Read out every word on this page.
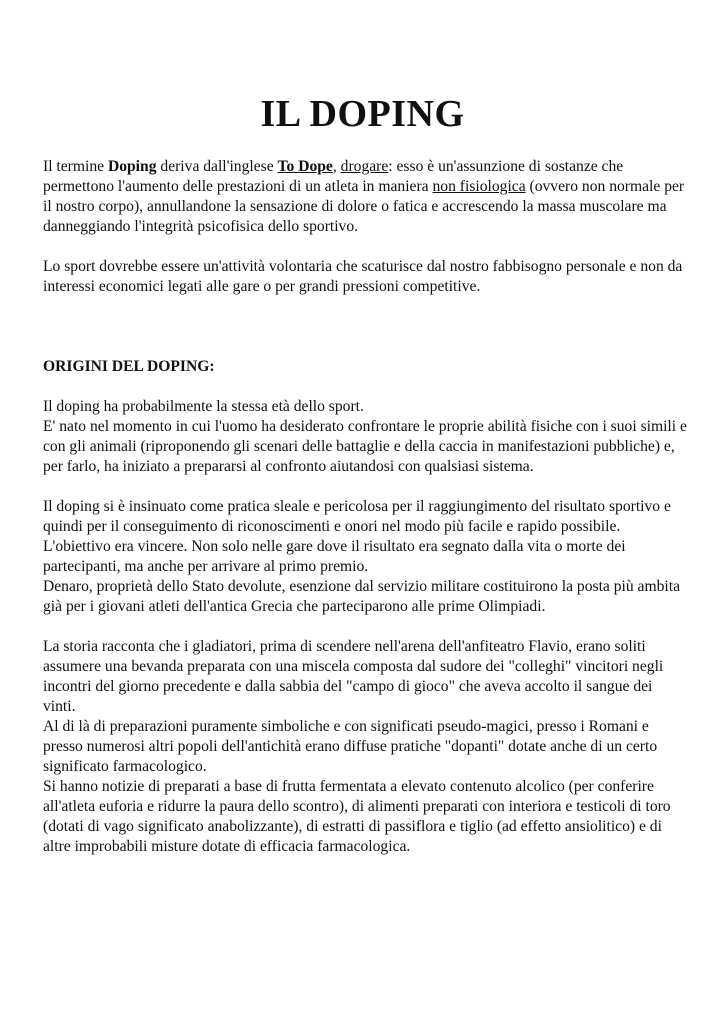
IL DOPING

Il termine Doping deriva dall'inglese To Dope, drogare: esso è un'assunzione di sostanze che permettono l'aumento delle prestazioni di un atleta in maniera non fisiologica (ovvero non normale per il nostro corpo), annullandone la sensazione di dolore o fatica e accrescendo la massa muscolare ma danneggiando l'integrità psicofisica dello sportivo.

Lo sport dovrebbe essere un'attività volontaria che scaturisce dal nostro fabbisogno personale e non da interessi economici legati alle gare o per grandi pressioni competitive.

ORIGINI DEL DOPING:

Il doping ha probabilmente la stessa età dello sport.
E' nato nel momento in cui l'uomo ha desiderato confrontare le proprie abilità fisiche con i suoi simili e con gli animali (riproponendo gli scenari delle battaglie e della caccia in manifestazioni pubbliche) e, per farlo, ha iniziato a prepararsi al confronto aiutandosi con qualsiasi sistema.

Il doping si è insinuato come pratica sleale e pericolosa per il raggiungimento del risultato sportivo e quindi per il conseguimento di riconoscimenti e onori nel modo più facile e rapido possibile.
L'obiettivo era vincere. Non solo nelle gare dove il risultato era segnato dalla vita o morte dei partecipanti, ma anche per arrivare al primo premio.
Denaro, proprietà dello Stato devolute, esenzione dal servizio militare costituirono la posta più ambita già per i giovani atleti dell'antica Grecia che parteciparono alle prime Olimpiadi.

La storia racconta che i gladiatori, prima di scendere nell'arena dell'anfiteatro Flavio, erano soliti assumere una bevanda preparata con una miscela composta dal sudore dei "colleghi" vincitori negli incontri del giorno precedente e dalla sabbia del "campo di gioco" che aveva accolto il sangue dei vinti.
Al di là di preparazioni puramente simboliche e con significati pseudo-magici, presso i Romani e presso numerosi altri popoli dell'antichità erano diffuse pratiche "dopanti" dotate anche di un certo significato farmacologico.
Si hanno notizie di preparati a base di frutta fermentata a elevato contenuto alcolico (per conferire all'atleta euforia e ridurre la paura dello scontro), di alimenti preparati con interiora e testicoli di toro (dotati di vago significato anabolizzante), di estratti di passiflora e tiglio (ad effetto ansiolitico) e di altre improbabili misture dotate di efficacia farmacologica.
